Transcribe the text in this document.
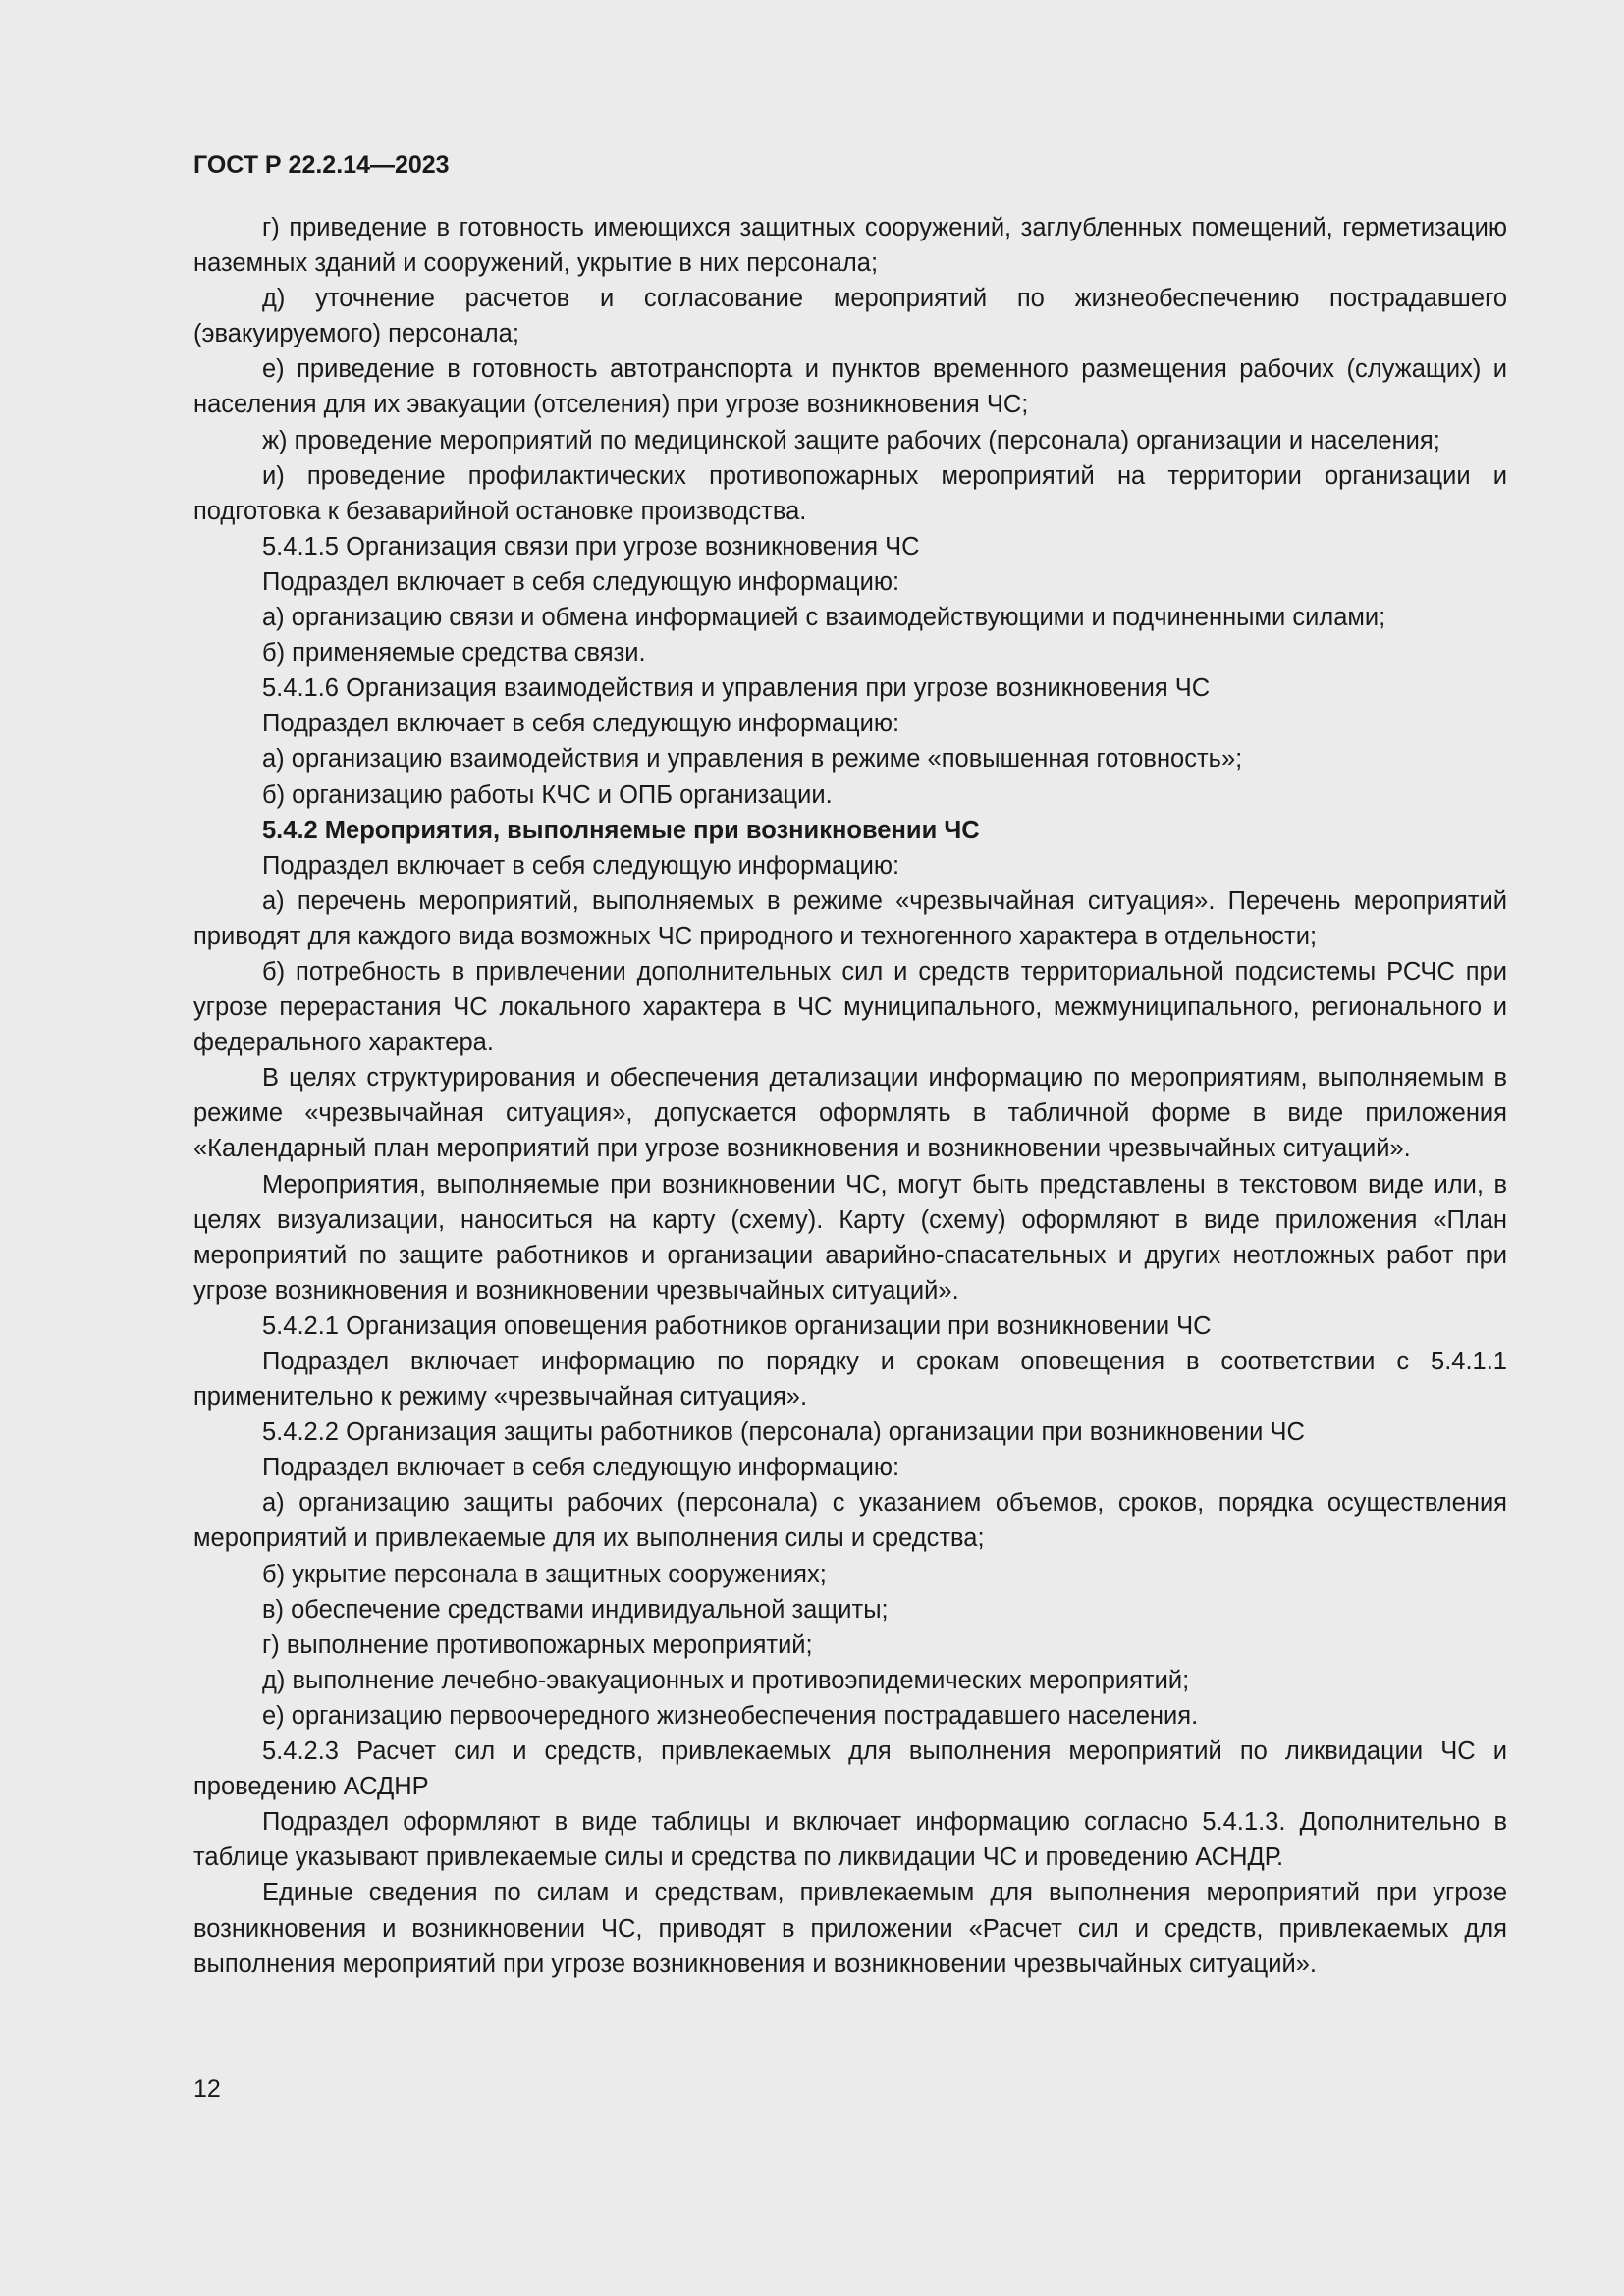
ГОСТ Р 22.2.14—2023

г) приведение в готовность имеющихся защитных сооружений, заглубленных помещений, герметизацию наземных зданий и сооружений, укрытие в них персонала;

д) уточнение расчетов и согласование мероприятий по жизнеобеспечению пострадавшего (эвакуируемого) персонала;

е) приведение в готовность автотранспорта и пунктов временного размещения рабочих (служащих) и населения для их эвакуации (отселения) при угрозе возникновения ЧС;

ж) проведение мероприятий по медицинской защите рабочих (персонала) организации и населения;

и) проведение профилактических противопожарных мероприятий на территории организации и подготовка к безаварийной остановке производства.

5.4.1.5 Организация связи при угрозе возникновения ЧС

Подраздел включает в себя следующую информацию:

а) организацию связи и обмена информацией с взаимодействующими и подчиненными силами;

б) применяемые средства связи.

5.4.1.6 Организация взаимодействия и управления при угрозе возникновения ЧС

Подраздел включает в себя следующую информацию:

а) организацию взаимодействия и управления в режиме «повышенная готовность»;

б) организацию работы КЧС и ОПБ организации.

5.4.2 Мероприятия, выполняемые при возникновении ЧС

Подраздел включает в себя следующую информацию:

а) перечень мероприятий, выполняемых в режиме «чрезвычайная ситуация». Перечень мероприятий приводят для каждого вида возможных ЧС природного и техногенного характера в отдельности;

б) потребность в привлечении дополнительных сил и средств территориальной подсистемы РСЧС при угрозе перерастания ЧС локального характера в ЧС муниципального, межмуниципального, регионального и федерального характера.

В целях структурирования и обеспечения детализации информацию по мероприятиям, выполняемым в режиме «чрезвычайная ситуация», допускается оформлять в табличной форме в виде приложения «Календарный план мероприятий при угрозе возникновения и возникновении чрезвычайных ситуаций».

Мероприятия, выполняемые при возникновении ЧС, могут быть представлены в текстовом виде или, в целях визуализации, наноситься на карту (схему). Карту (схему) оформляют в виде приложения «План мероприятий по защите работников и организации аварийно-спасательных и других неотложных работ при угрозе возникновения и возникновении чрезвычайных ситуаций».

5.4.2.1 Организация оповещения работников организации при возникновении ЧС

Подраздел включает информацию по порядку и срокам оповещения в соответствии с 5.4.1.1 применительно к режиму «чрезвычайная ситуация».

5.4.2.2 Организация защиты работников (персонала) организации при возникновении ЧС

Подраздел включает в себя следующую информацию:

а) организацию защиты рабочих (персонала) с указанием объемов, сроков, порядка осуществления мероприятий и привлекаемые для их выполнения силы и средства;

б) укрытие персонала в защитных сооружениях;

в) обеспечение средствами индивидуальной защиты;

г) выполнение противопожарных мероприятий;

д) выполнение лечебно-эвакуационных и противоэпидемических мероприятий;

е) организацию первоочередного жизнеобеспечения пострадавшего населения.

5.4.2.3 Расчет сил и средств, привлекаемых для выполнения мероприятий по ликвидации ЧС и проведению АСДНР

Подраздел оформляют в виде таблицы и включает информацию согласно 5.4.1.3. Дополнительно в таблице указывают привлекаемые силы и средства по ликвидации ЧС и проведению АСНДР.

Единые сведения по силам и средствам, привлекаемым для выполнения мероприятий при угрозе возникновения и возникновении ЧС, приводят в приложении «Расчет сил и средств, привлекаемых для выполнения мероприятий при угрозе возникновения и возникновении чрезвычайных ситуаций».

12
